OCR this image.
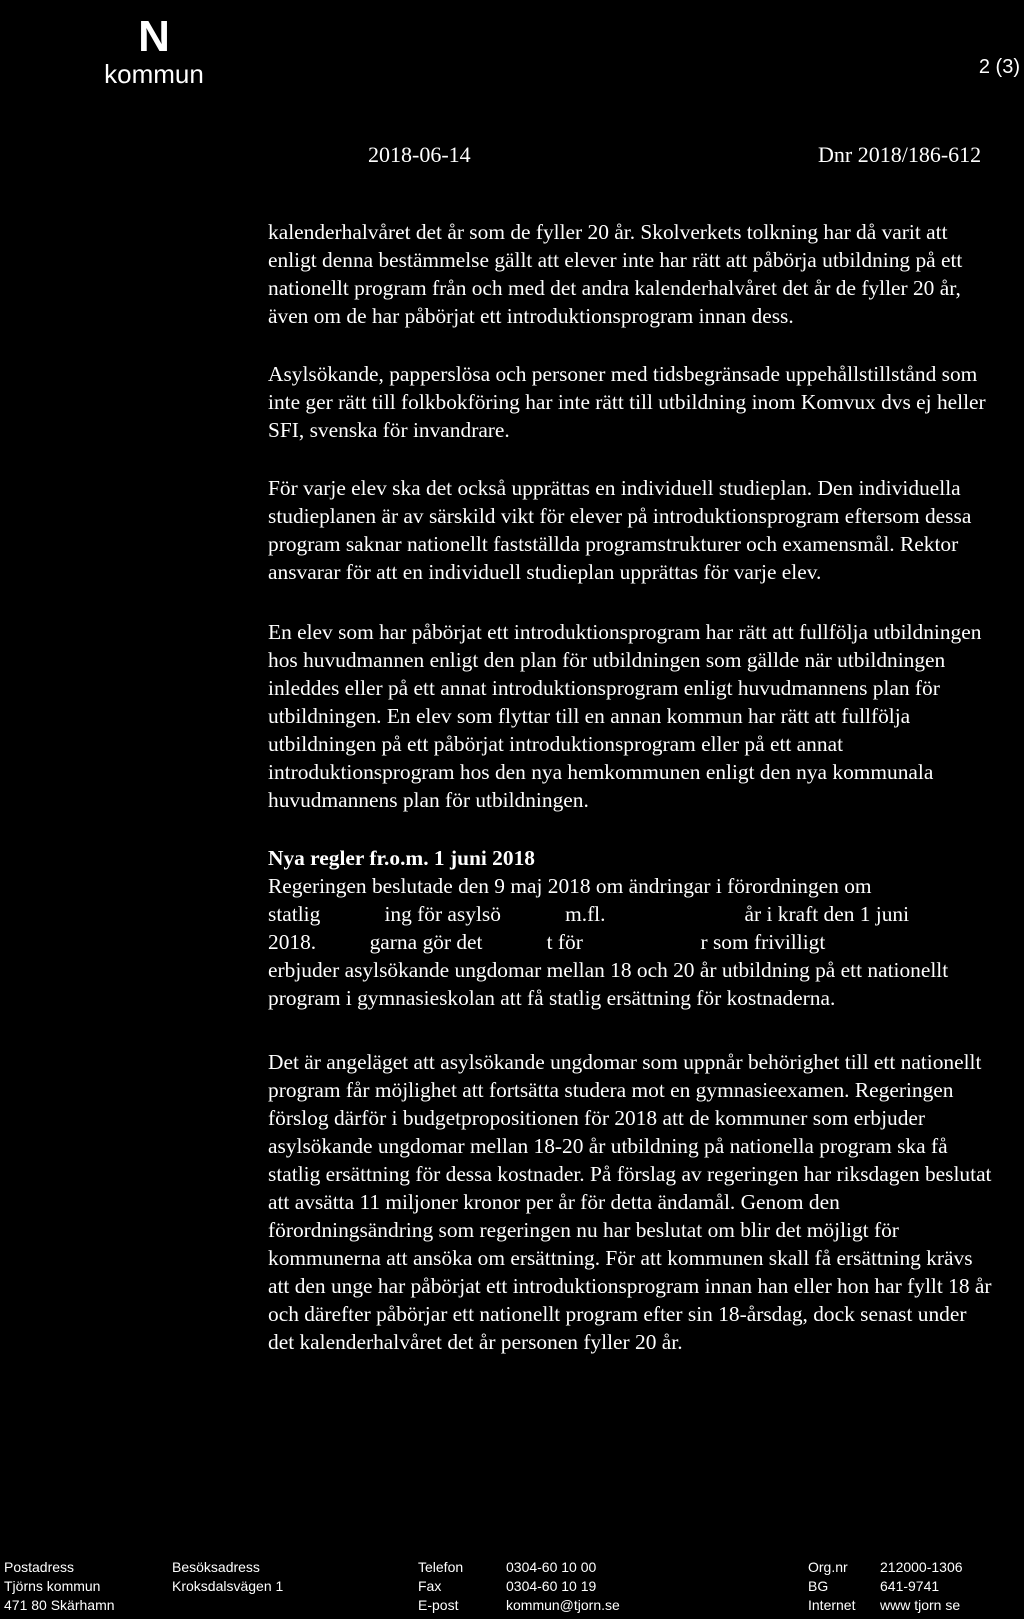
N
kommun	2 (3)
2018-06-14	Dnr 2018/186-612

kalenderhalvåret det år som de fyller 20 år. Skolverkets tolkning har då varit att enligt denna bestämmelse gällt att elever inte har rätt att påbörja utbildning på ett nationellt program från och med det andra kalenderhalvåret det år de fyller 20 år, även om de har påbörjat ett introduktionsprogram innan dess.

Asylsökande, papperslösa och personer med tidsbegränsade uppehållstillstånd som inte ger rätt till folkbokföring har inte rätt till utbildning inom Komvux dvs ej heller SFI, svenska för invandrare.

För varje elev ska det också upprättas en individuell studieplan. Den individuella studieplanen är av särskild vikt för elever på introduktionsprogram eftersom dessa program saknar nationellt fastställda programstrukturer och examensmål. Rektor ansvarar för att en individuell studieplan upprättas för varje elev.

En elev som har påbörjat ett introduktionsprogram har rätt att fullfölja utbildningen hos huvudmannen enligt den plan för utbildningen som gällde när utbildningen inleddes eller på ett annat introduktionsprogram enligt huvudmannens plan för utbildningen. En elev som flyttar till en annan kommun har rätt att fullfölja utbildningen på ett påbörjat introduktionsprogram eller på ett annat introduktionsprogram hos den nya hemkommunen enligt den nya kommunala huvudmannens plan för utbildningen.

Nya regler fr.o.m. 1 juni 2018

Regeringen beslutade den 9 maj 2018 om ändringar i förordningen om
statlig            ing för asylsö            m.fl.                          år i kraft den 1 juni
2018.          garna gör det            t för                      r som frivilligt
erbjuder asylsökande ungdomar mellan 18 och 20 år utbildning på ett nationellt program i gymnasieskolan att få statlig ersättning för kostnaderna.

Det är angeläget att asylsökande ungdomar som uppnår behörighet till ett nationellt program får möjlighet att fortsätta studera mot en gymnasieexamen. Regeringen förslog därför i budgetpropositionen för 2018 att de kommuner som erbjuder asylsökande ungdomar mellan 18-20 år utbildning på nationella program ska få statlig ersättning för dessa kostnader. På förslag av regeringen har riksdagen beslutat att avsätta 11 miljoner kronor per år för detta ändamål. Genom den förordningsändring som regeringen nu har beslutat om blir det möjligt för kommunerna att ansöka om ersättning. För att kommunen skall få ersättning krävs att den unge har påbörjat ett introduktionsprogram innan han eller hon har fyllt 18 år och därefter påbörjar ett nationellt program efter sin 18-årsdag, dock senast under det kalenderhalvåret det år personen fyller 20 år.

Postadress
Tjörns kommun
471 80 Skärhamn
Besöksadress
Kroksdalsvägen 1
Telefon
Fax
E-post
0304-60 10 00
0304-60 10 19
kommun@tjorn.se
Org.nr
BG
Internet
212000-1306
641-9741
www tjorn se
